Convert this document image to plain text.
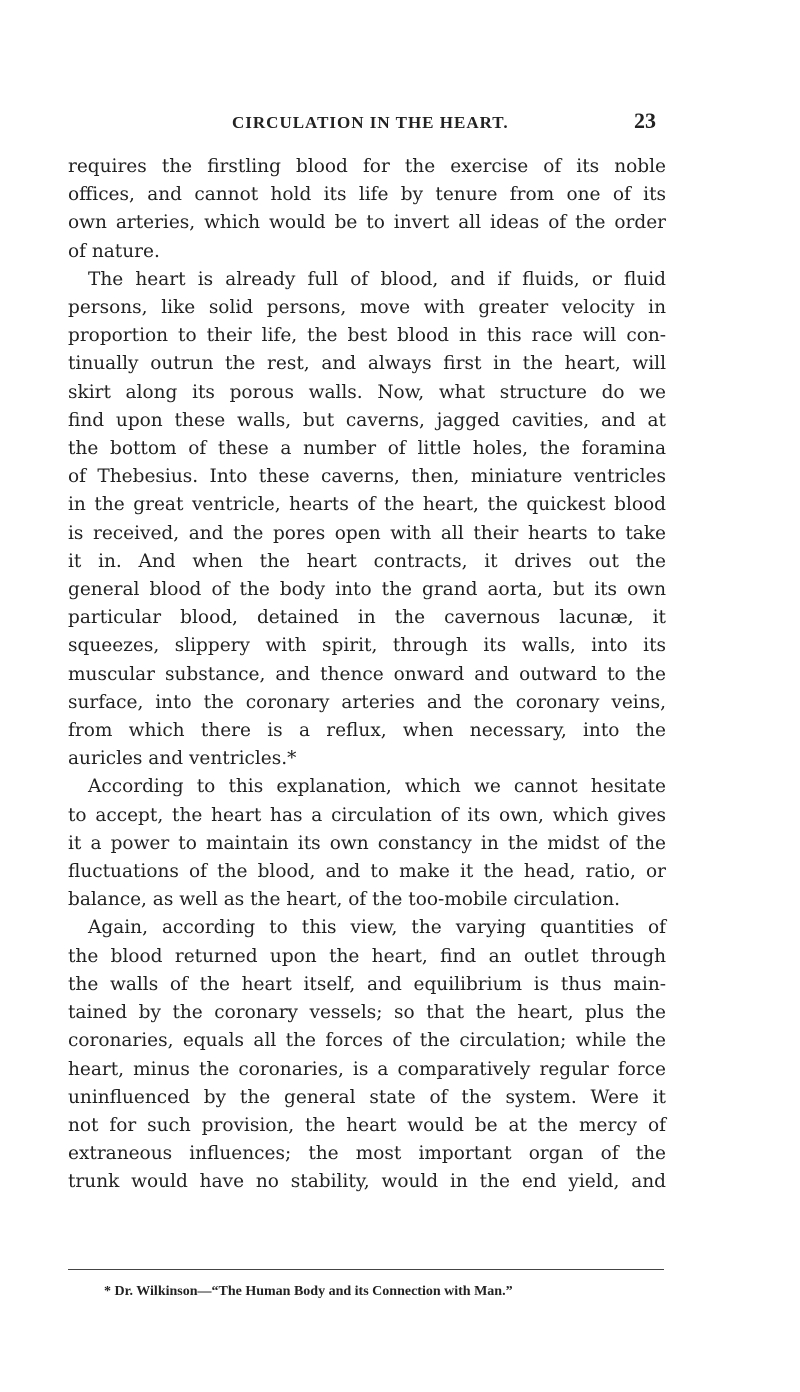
CIRCULATION IN THE HEART.	23
requires the firstling blood for the exercise of its noble
offices, and cannot hold its life by tenure from one of its
own arteries, which would be to invert all ideas of the order
of nature.
The heart is already full of blood, and if fluids, or fluid
persons, like solid persons, move with greater velocity in
proportion to their life, the best blood in this race will con-
tinually outrun the rest, and always first in the heart, will
skirt along its porous walls. Now, what structure do we
find upon these walls, but caverns, jagged cavities, and at
the bottom of these a number of little holes, the foramina
of Thebesius. Into these caverns, then, miniature ventricles
in the great ventricle, hearts of the heart, the quickest blood
is received, and the pores open with all their hearts to take
it in. And when the heart contracts, it drives out the
general blood of the body into the grand aorta, but its own
particular blood, detained in the cavernous lacunæ, it
squeezes, slippery with spirit, through its walls, into its
muscular substance, and thence onward and outward to the
surface, into the coronary arteries and the coronary veins,
from which there is a reflux, when necessary, into the
auricles and ventricles.*
According to this explanation, which we cannot hesitate
to accept, the heart has a circulation of its own, which gives
it a power to maintain its own constancy in the midst of the
fluctuations of the blood, and to make it the head, ratio, or
balance, as well as the heart, of the too-mobile circulation.
Again, according to this view, the varying quantities of
the blood returned upon the heart, find an outlet through
the walls of the heart itself, and equilibrium is thus main-
tained by the coronary vessels; so that the heart, plus the
coronaries, equals all the forces of the circulation; while the
heart, minus the coronaries, is a comparatively regular force
uninfluenced by the general state of the system. Were it
not for such provision, the heart would be at the mercy of
extraneous influences; the most important organ of the
trunk would have no stability, would in the end yield, and
* Dr. Wilkinson—“The Human Body and its Connection with Man.”
